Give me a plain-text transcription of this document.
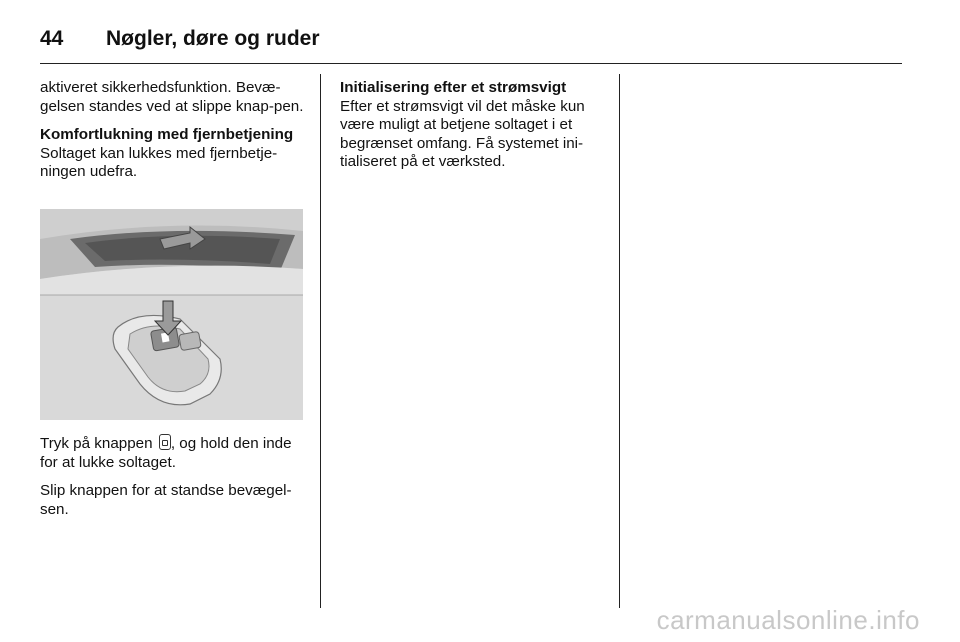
44	Nøgler, døre og ruder

aktiveret sikkerhedsfunktion. Bevæ-gelsen standes ved at slippe knap-pen.

Komfortlukning med fjernbetjening

Soltaget kan lukkes med fjernbetje-ningen udefra.

Tryk på knappen , og hold den inde for at lukke soltaget.

Slip knappen for at standse bevægel-sen.

Initialisering efter et strømsvigt

Efter et strømsvigt vil det måske kun være muligt at betjene soltaget i et begrænset omfang. Få systemet ini-tialiseret på et værksted.

carmanualsonline.info
